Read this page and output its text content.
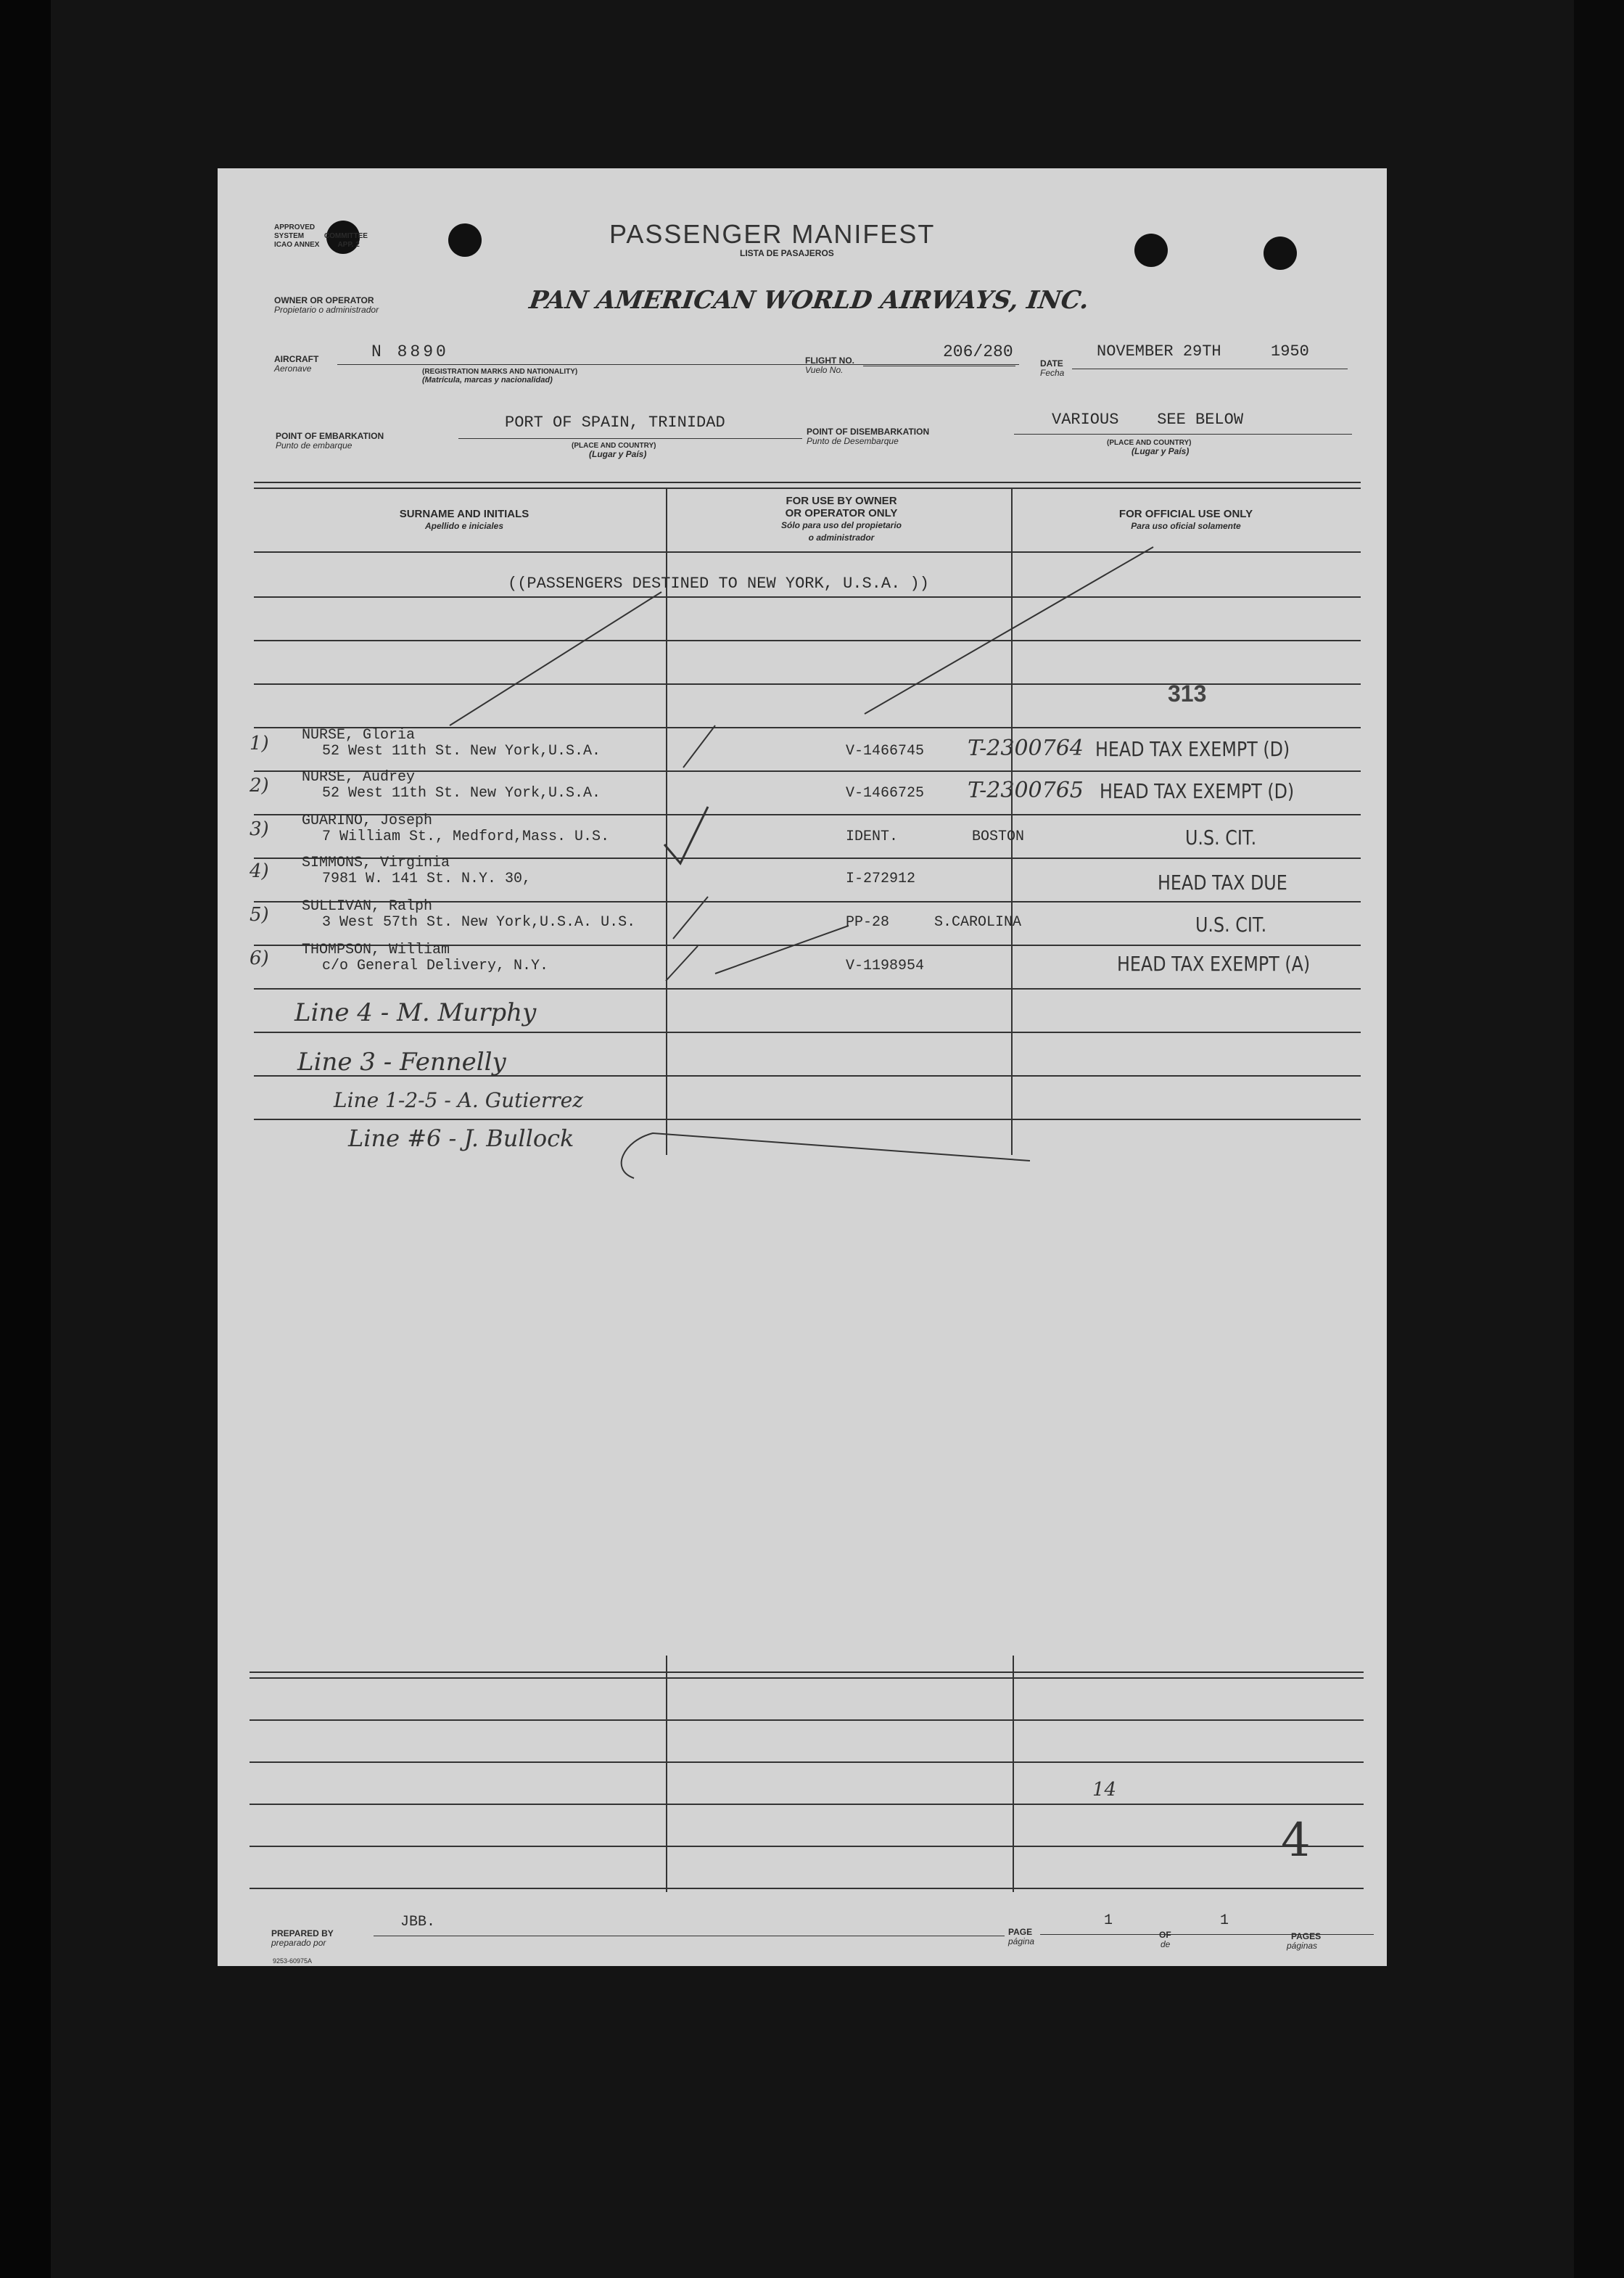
APPROVED
SYSTEM	COMMITTEE
ICAO ANNEX	APP. 2	PASSENGER MANIFEST
LISTA DE PASAJEROS
OWNER OR OPERATOR
Propietario o administrador	PAN AMERICAN WORLD AIRWAYS, INC.
AIRCRAFT
Aeronave
N 8890
(REGISTRATION MARKS AND NATIONALITY)
(Matrícula, marcas y nacionalidad)
FLIGHT NO.
Vuelo No.
206/280
DATE
Fecha
NOVEMBER 29TH	1950
POINT OF EMBARKATION
Punto de embarque
PORT OF SPAIN, TRINIDAD
(PLACE AND COUNTRY)
(Lugar y País)
POINT OF DISEMBARKATION
Punto de Desembarque
VARIOUS    SEE BELOW
(PLACE AND COUNTRY)
(Lugar y País)
SURNAME AND INITIALS
Apellido e iniciales
FOR USE BY OWNER
OR OPERATOR ONLY
Sólo para uso del propietario
o administrador
FOR OFFICIAL USE ONLY
Para uso oficial solamente
((PASSENGERS DESTINED TO NEW YORK, U.S.A. ))
313
1) NURSE, Gloria
52 West 11th St. New York,U.S.A.	V-1466745 T-2300764 HEAD TAX EXEMPT (D)
2) NURSE, Audrey
52 West 11th St. New York,U.S.A.	V-1466725 T-2300765 HEAD TAX EXEMPT (D)
3) GUARINO, Joseph
7 William St., Medford,Mass. U.S.	IDENT.	BOSTON	U.S. CIT.
4) SIMMONS, Virginia
7981 W. 141 St. N.Y. 30,	I-272912	HEAD TAX DUE
5) SULLIVAN, Ralph
3 West 57th St. New York,U.S.A. U.S.	PP-28	S.CAROLINA	U.S. CIT.
6) THOMPSON, William
c/o General Delivery, N.Y.	V-1198954	HEAD TAX EXEMPT (A)
Line 4 - M. Murphy
Line 3 - Fennelly
Line 1-2-5 - A. Gutierrez
Line #6 - J. Bullock
14
4
PREPARED BY
preparado por
JBB.
PAGE
página
1
OF
de
1
PAGES
páginas
9253-60975A
